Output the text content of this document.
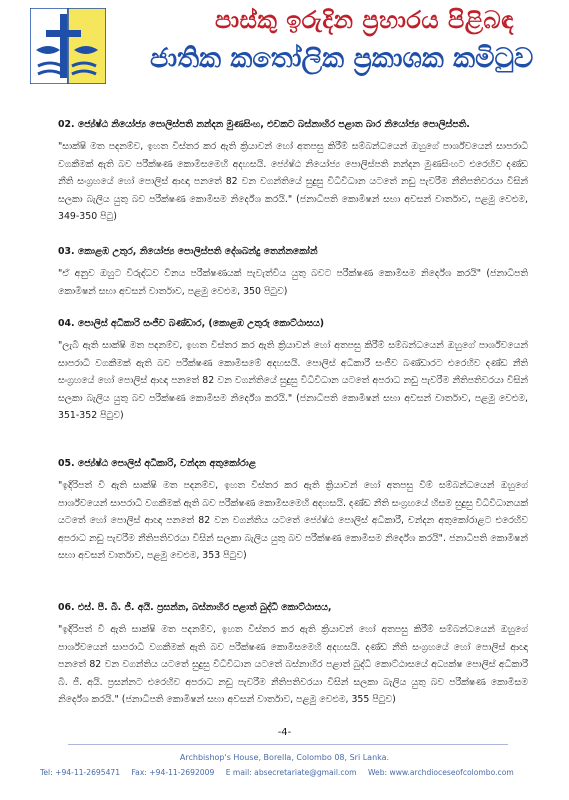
පාස්කු ඉරුදින ප්‍රහාරය පිළිබඳ
ජාතික කතෝලික ප්‍රකාශක කමිටුව
02. ජ්‍යේෂ්ඨ නියෝජ්‍ය පොලිස්පති නන්දන මුණසිංහ, එවකට බස්නාහිර පළාත බාර නියෝජ්‍ය පොලිස්පති.
"සාක්ෂි මත පදනම්ව, ඉහත විස්තර කර ඇති ක්‍රියාවන් හෝ අතපසු කිරීම් සම්බන්ධයෙන් ඔහුගේ පාර්ශ්වයෙන් සාපරාධී වගකීමක් ඇති බව පරීක්ෂණ කොමිසමෙහි අදහසයි. ජ්‍යේෂ්ඨ නියෝජ්‍ය පොලිස්පති නන්දන මුණසිංහට එරෙහිව දණ්ඩ නීති සංග්‍රහයේ හෝ පොලිස් ආඥා පනතේ 82 වන වගන්තියේ සුදුසු විධිවිධාන යටතේ නඩු පැවරීම නීතිපතිවරයා විසින් සලකා බැලිය යුතු බව පරීක්ෂණ කොමිසම නිර්දේශ කරයි." (ජනාධිපති කොමිෂන් සභා අවසන් වාර්තාව, පළමු වෙළුම, 349-350 පිටු)
03. කොළඹ උතුර, නියෝජ්‍ය පොලිස්පති දේශබන්දු තෙන්නකෝන්
"ඒ අනුව ඔහුට විරුද්ධව විනය පරීක්ෂණයක් පැවැත්විය යුතු බවට පරීක්ෂණ කොමිසම නිර්දේශ කරයි" (ජනාධිපති කොමිෂන් සභා අවසන් වාර්තාව, පළමු වෙළුම, 350 පිටුව)
04. පොලිස් අධිකාරි සංජීව බණ්ඩාර, (කොළඹ උතුරු කොට්ඨාසය)
"ලැබී ඇති සාක්ෂි මත පදනම්ව, ඉහත විස්තර කර ඇති ක්‍රියාවන් හෝ අතපසු කිරීම් සම්බන්ධයෙන් ඔහුගේ පාර්ශ්වයෙන් සාපරාධී වගකීමක් ඇති බව පරීක්ෂණ කොමිසමේ අදහසයි. පොලිස් අධිකාරී සංජීව බණ්ඩාරට එරෙහිව දණ්ඩ නීති සංග්‍රහයේ හෝ පොලිස් ආඥා පනතේ 82 වන වගන්තියේ සුදුසු විධිවිධාන යටතේ අපරාධ නඩු පැවරීම නීතිපතිවරයා විසින් සලකා බැලිය යුතු බව පරීක්ෂණ කොමිසම නිර්දේශ කරයි." (ජනාධිපති කොමිෂන් සභා අවසන් වාර්තාව, පළමු වෙළුම, 351-352 පිටුව)
05. ජ්‍යේෂ්ඨ පොලිස් අධිකාරි, චන්දන අතුකෝරාළ
"ඉදිරිපත් වී ඇති සාක්ෂි මත පදනම්ව, ඉහත විස්තර කර ඇති ක්‍රියාවන් හෝ අතපසු වීම් සම්බන්ධයෙන් ඔහුගේ පාර්ශ්වයෙන් සාපරාධී වගකීමක් ඇති බව පරීක්ෂණ කොමිසමෙහි අදහසයි. දණ්ඩ නීති සංග්‍රහයේ හිසම සුදුසු විධිවිධානයක් යටතේ හෝ පොලිස් ආඥා පනතේ 82 වන වගන්තිය යටතේ ජ්‍යේෂ්ඨ පොලිස් අධිකාරී, චන්දන අතුකෝරාළට එරෙහිව අපරාධ නඩු පැවරීම නීතිපතිවරයා විසින් සලකා බැලිය යුතු බව පරීක්ෂණ කොමිසම නිර්දේශ කරයි". ජනාධිපති කොමිෂන් සභා අවසන් වාර්තාව, පළමු වෙළුම, 353 පිටුව)
06. එස්. පී. බී. ජී. අයි. ප්‍රසන්න, බස්නාහිර පළාත් බුද්ධි කොට්ඨාසය,
"ඉදිරිපත් වී ඇති සාක්ෂි මත පදනම්ව, ඉහත විස්තර කර ඇති ක්‍රියාවන් හෝ අතපසු කිරීම් සම්බන්ධයෙන් ඔහුගේ පාර්ශ්වයෙන් සාපරාධී වගකීමක් ඇති බව පරීක්ෂණ කොමිසමෙහි අදහසයි. දණ්ඩ නීති සංග්‍රහයේ හෝ පොලිස් ආඥා පනතේ 82 වන වගන්තිය යටතේ සුදුසු විධිවිධාන යටතේ බස්නාහිර පළාත් බුද්ධි කොට්ඨාසයේ අධ්‍යක්ෂ පොලිස් අධිකාරී බී. ජී. අයි. ප්‍රසන්නට එරෙහිව අපරාධ නඩු පැවරීම නීතිපතිවරයා විසින් සලකා බැලිය යුතු බව පරීක්ෂණ කොමිසම නිර්දේශ කරයි." (ජනාධිපති කොමිෂන් සභා අවසන් වාර්තාව, පළමු වෙළුම, 355 පිටුව)
-4-
Archbishop's House, Borella, Colombo 08, Sri Lanka.
Tel: +94-11-2695471 Fax: +94-11-2692009 E mail: absecretariate@gmail.com Web: www.archdioceseofcolombo.com
